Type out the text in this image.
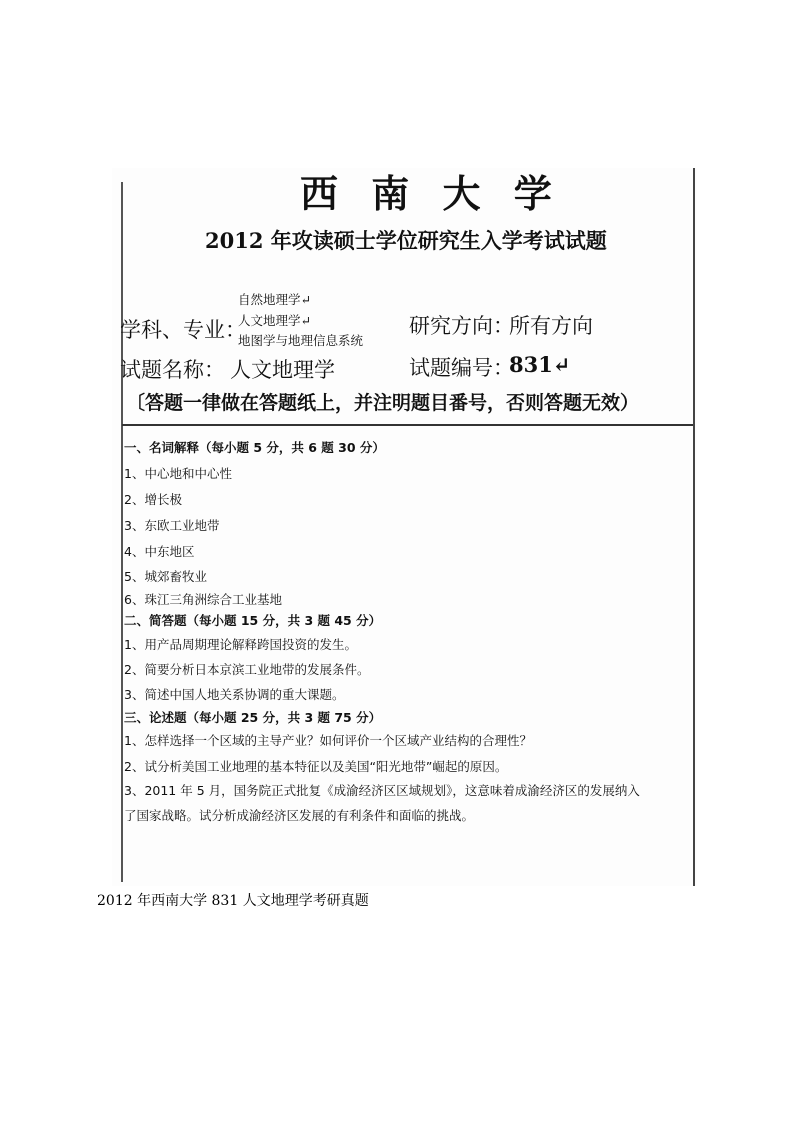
西 南 大 学
2012 年攻读硕士学位研究生入学考试试题
学科、专业：
自然地理学↵
人文地理学↵
地图学与地理信息系统
研究方向：
所有方向
试题名称： 人文地理学	试题编号：
831↵
〔答题一律做在答题纸上，并注明题目番号，否则答题无效）
一、名词解释（每小题 5 分，共 6 题 30 分）
1、中心地和中心性
2、增长极
3、东欧工业地带
4、中东地区
5、城郊畜牧业
6、珠江三角洲综合工业基地
二、简答题（每小题 15 分，共 3 题 45 分）
1、用产品周期理论解释跨国投资的发生。
2、简要分析日本京滨工业地带的发展条件。
3、简述中国人地关系协调的重大课题。
三、论述题（每小题 25 分，共 3 题 75 分）
1、怎样选择一个区域的主导产业？如何评价一个区域产业结构的合理性？
2、试分析美国工业地理的基本特征以及美国“阳光地带”崛起的原因。
3、2011 年 5 月，国务院正式批复《成渝经济区区域规划》，这意味着成渝经济区的发展纳入
了国家战略。试分析成渝经济区发展的有利条件和面临的挑战。
2012 年西南大学 831 人文地理学考研真题
